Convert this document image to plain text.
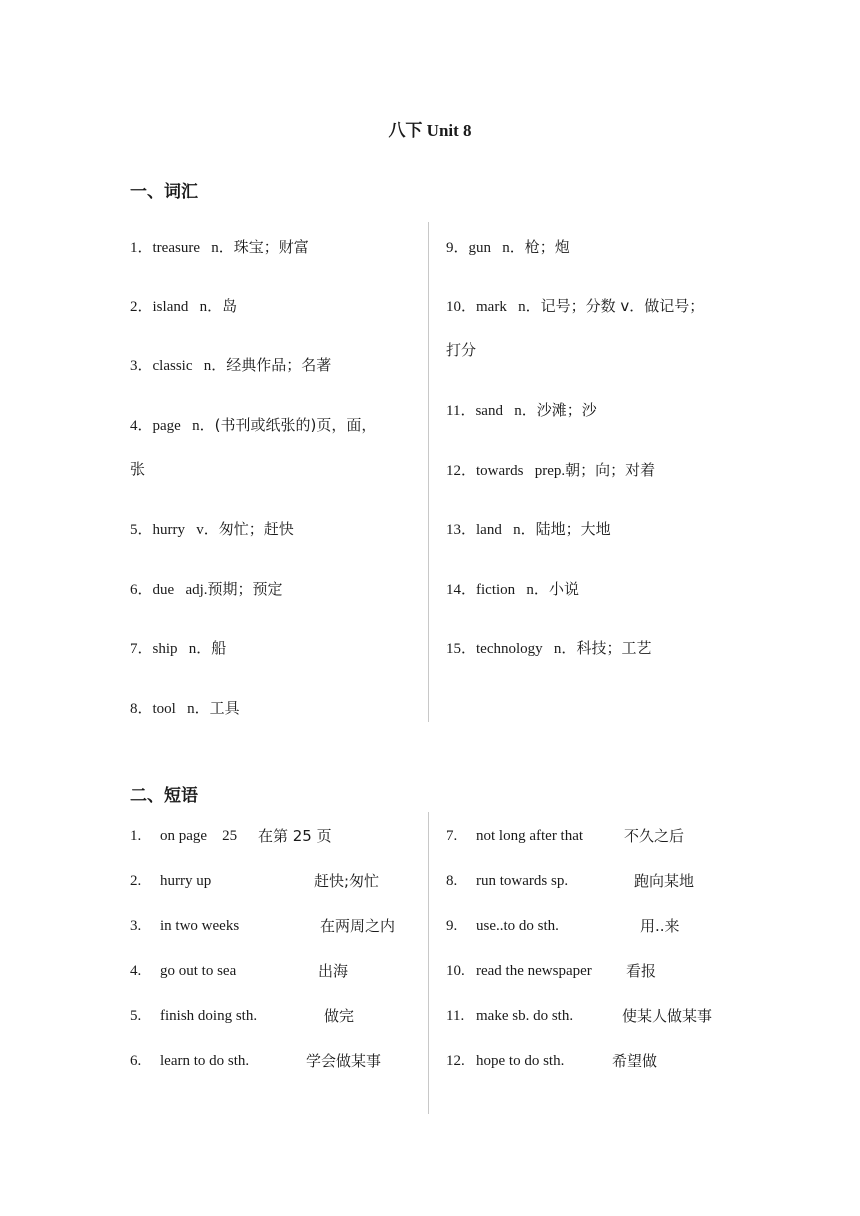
八下 Unit 8
一、词汇
1．treasure n．珠宝；财富
2．island n．岛
3．classic n．经典作品；名著
4．page n．(书刊或纸张的)页，面，
张
5．hurry v．匆忙；赶快
6．due adj.预期；预定
7．ship n．船
8．tool n．工具
9．gun n．枪；炮
10．mark n．记号；分数 v．做记号；
打分
11．sand n．沙滩；沙
12．towards prep.朝；向；对着
13．land n．陆地；大地
14．fiction n．小说
15．technology n．科技；工艺
二、短语
1. on page    25 在第 25 页
2. hurry up	赶快;匆忙
3. in two weeks	在两周之内
4. go out to sea	出海
5. finish doing sth.	做完
6. learn to do sth.	学会做某事
7. not long after that	不久之后
8. run towards sp.	跑向某地
9. use..to do sth.	用..来
10. read the newspaper 看报
11. make sb. do sth.	使某人做某事
12. hope to do sth.	希望做
